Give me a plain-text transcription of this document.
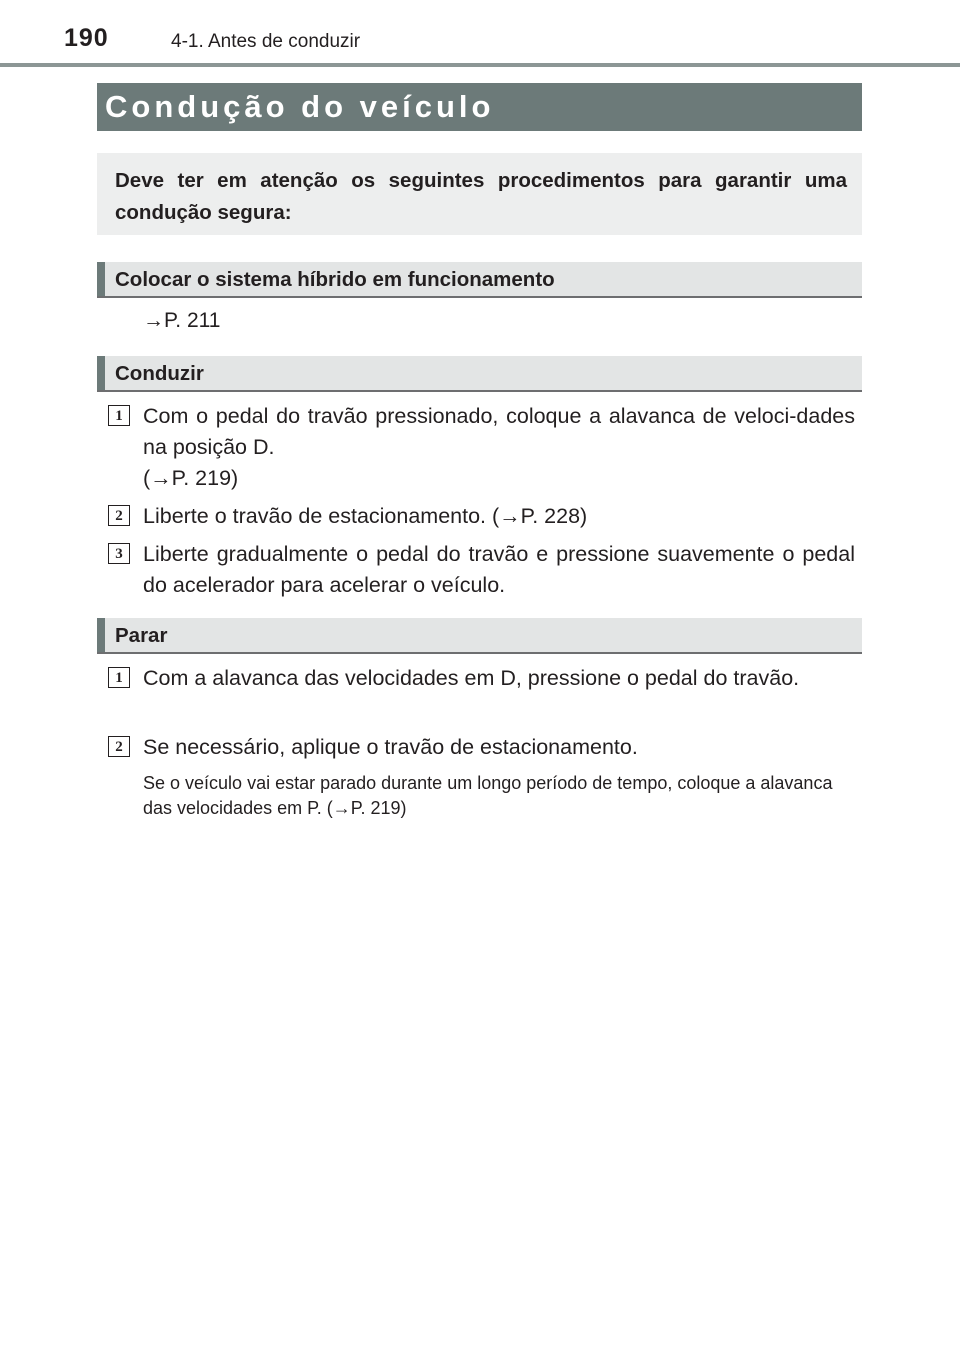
190	4-1. Antes de conduzir
Condução do veículo
Deve ter em atenção os seguintes procedimentos para garantir uma condução segura:
Colocar o sistema híbrido em funcionamento
→P. 211
Conduzir
1 Com o pedal do travão pressionado, coloque a alavanca de veloci-dades na posição D.
(→P. 219)
2 Liberte o travão de estacionamento. (→P. 228)
3 Liberte gradualmente o pedal do travão e pressione suavemente o pedal do acelerador para acelerar o veículo.
Parar
1 Com a alavanca das velocidades em D, pressione o pedal do travão.
2 Se necessário, aplique o travão de estacionamento.
Se o veículo vai estar parado durante um longo período de tempo, coloque a alavanca das velocidades em P. (→P. 219)
